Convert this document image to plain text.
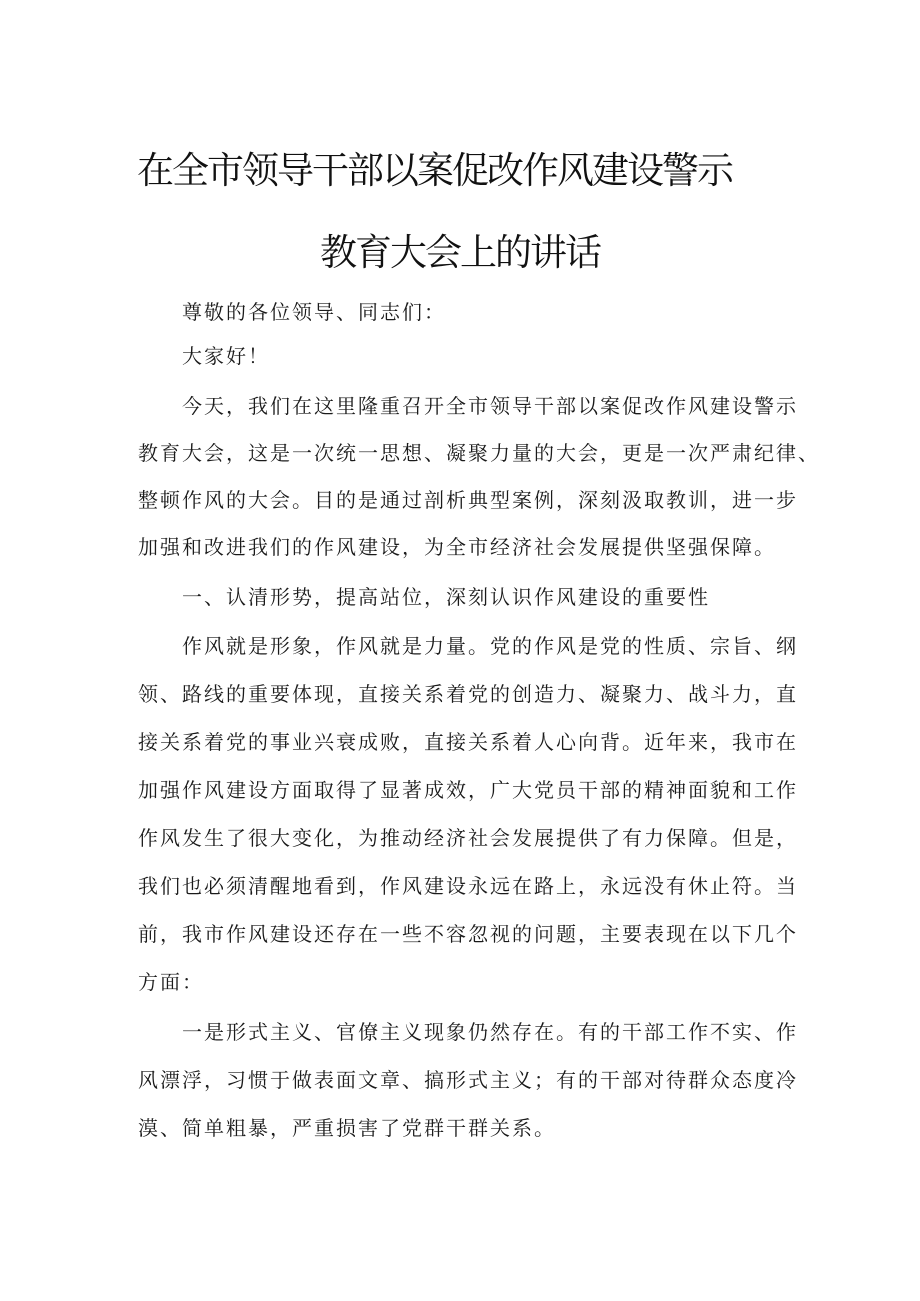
在全市领导干部以案促改作风建设警示
教育大会上的讲话
尊敬的各位领导、同志们：
大家好！
今天，我们在这里隆重召开全市领导干部以案促改作风建设警示
教育大会，这是一次统一思想、凝聚力量的大会，更是一次严肃纪律、
整顿作风的大会。目的是通过剖析典型案例，深刻汲取教训，进一步
加强和改进我们的作风建设，为全市经济社会发展提供坚强保障。
一、认清形势，提高站位，深刻认识作风建设的重要性
作风就是形象，作风就是力量。党的作风是党的性质、宗旨、纲
领、路线的重要体现，直接关系着党的创造力、凝聚力、战斗力，直
接关系着党的事业兴衰成败，直接关系着人心向背。近年来，我市在
加强作风建设方面取得了显著成效，广大党员干部的精神面貌和工作
作风发生了很大变化，为推动经济社会发展提供了有力保障。但是，
我们也必须清醒地看到，作风建设永远在路上，永远没有休止符。当
前，我市作风建设还存在一些不容忽视的问题，主要表现在以下几个
方面：
一是形式主义、官僚主义现象仍然存在。有的干部工作不实、作
风漂浮，习惯于做表面文章、搞形式主义；有的干部对待群众态度冷
漠、简单粗暴，严重损害了党群干群关系。
